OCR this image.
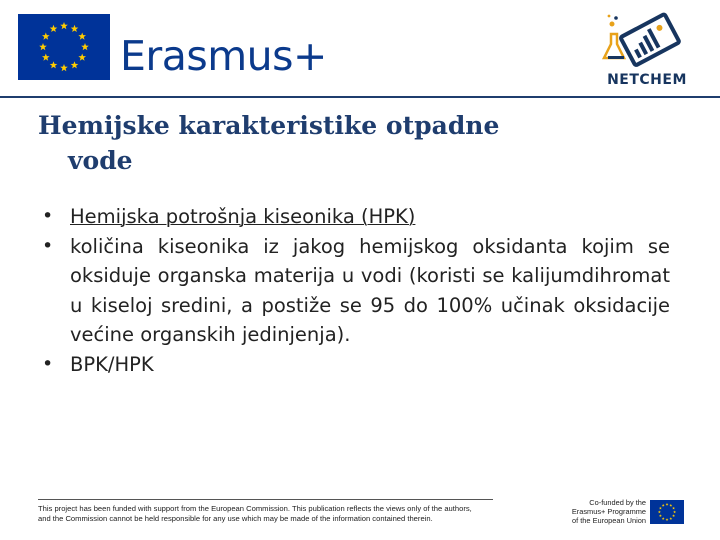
Erasmus+	NETCHEM
Hemijske karakteristike otpadne
vode
• Hemijska potrošnja kiseonika (HPK)
• količina kiseonika iz jakog hemijskog oksidanta kojim se oksiduje organska materija u vodi (koristi se kalijumdihromat u kiseloj sredini, a postiže se 95 do 100% učinak oksidacije većine organskih jedinjenja).
• BPK/HPK
This project has been funded with support from the European Commission. This publication reflects the views only of the authors,
and the Commission cannot be held responsible for any use which may be made of the information contained therein.
Co-funded by the
Erasmus+ Programme
of the European Union
